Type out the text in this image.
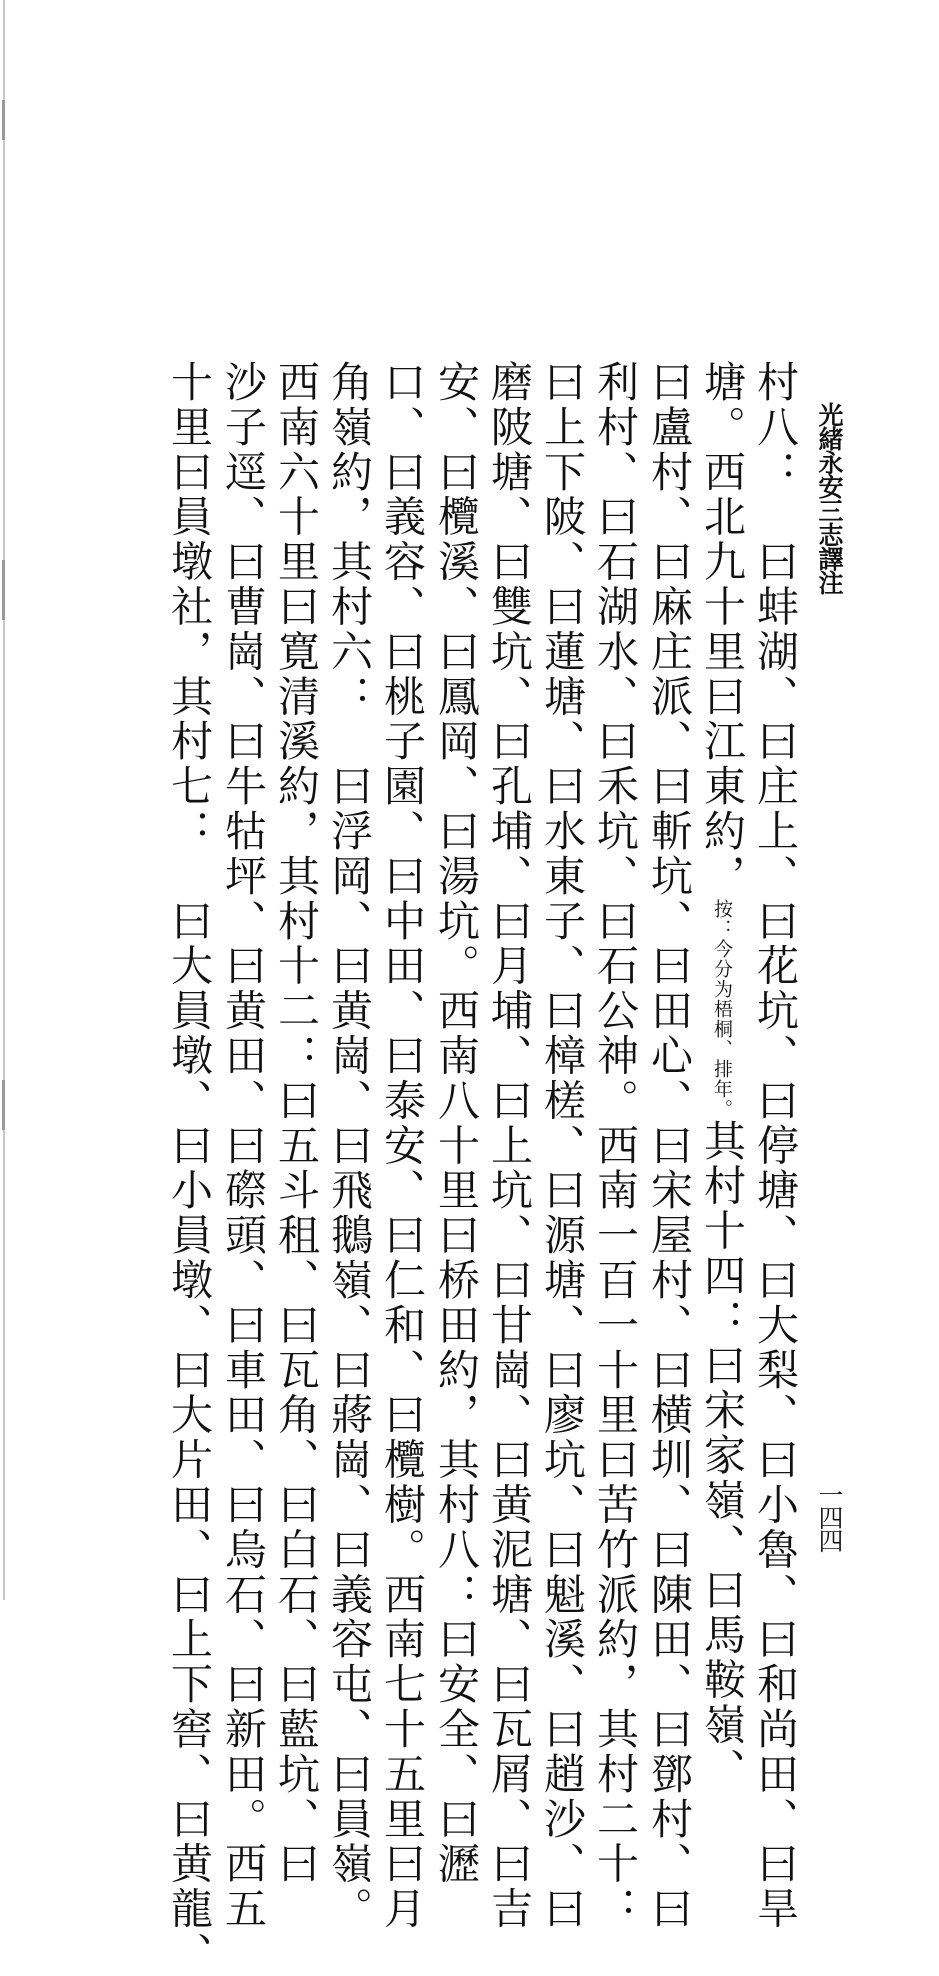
光緒永安三志譯注
一四四
村八：　曰蚌湖、曰庄上、曰花坑、曰停塘、曰大梨、曰小魯、曰和尚田、曰旱
塘。西北九十里曰江東約，按：今分为梧桐、排年。其村十四：曰宋家嶺、曰馬鞍嶺、
曰盧村、曰麻庄派、曰斬坑、曰田心、曰宋屋村、曰横圳、曰陳田、曰鄧村、曰
利村、曰石湖水、曰禾坑、曰石公神。西南一百一十里曰苦竹派約，其村二十：
曰上下陂、曰蓮塘、曰水東子、曰樟槎、曰源塘、曰廖坑、曰魁溪、曰趙沙、曰
磨陂塘、曰雙坑、曰孔埔、曰月埔、曰上坑、曰甘崗、曰黄泥塘、曰瓦屑、曰吉
安、曰欖溪、曰鳳岡、曰湯坑。西南八十里曰桥田約，其村八：曰安全、曰瀝
口、曰義容、曰桃子園、曰中田、曰泰安、曰仁和、曰欖樹。西南七十五里曰月
角嶺約，其村六：　曰浮岡、曰黄崗、曰飛鵝嶺、曰蔣崗、曰義容屯、曰員嶺。
西南六十里曰寛清溪約，其村十二：曰五斗租、曰瓦角、曰白石、曰藍坑、曰
沙子逕、曰曹崗、曰牛牯坪、曰黄田、曰磜頭、曰車田、曰烏石、曰新田。西五
十里曰員墩社，其村七：　曰大員墩、曰小員墩、曰大片田、曰上下窖、曰黄龍、
